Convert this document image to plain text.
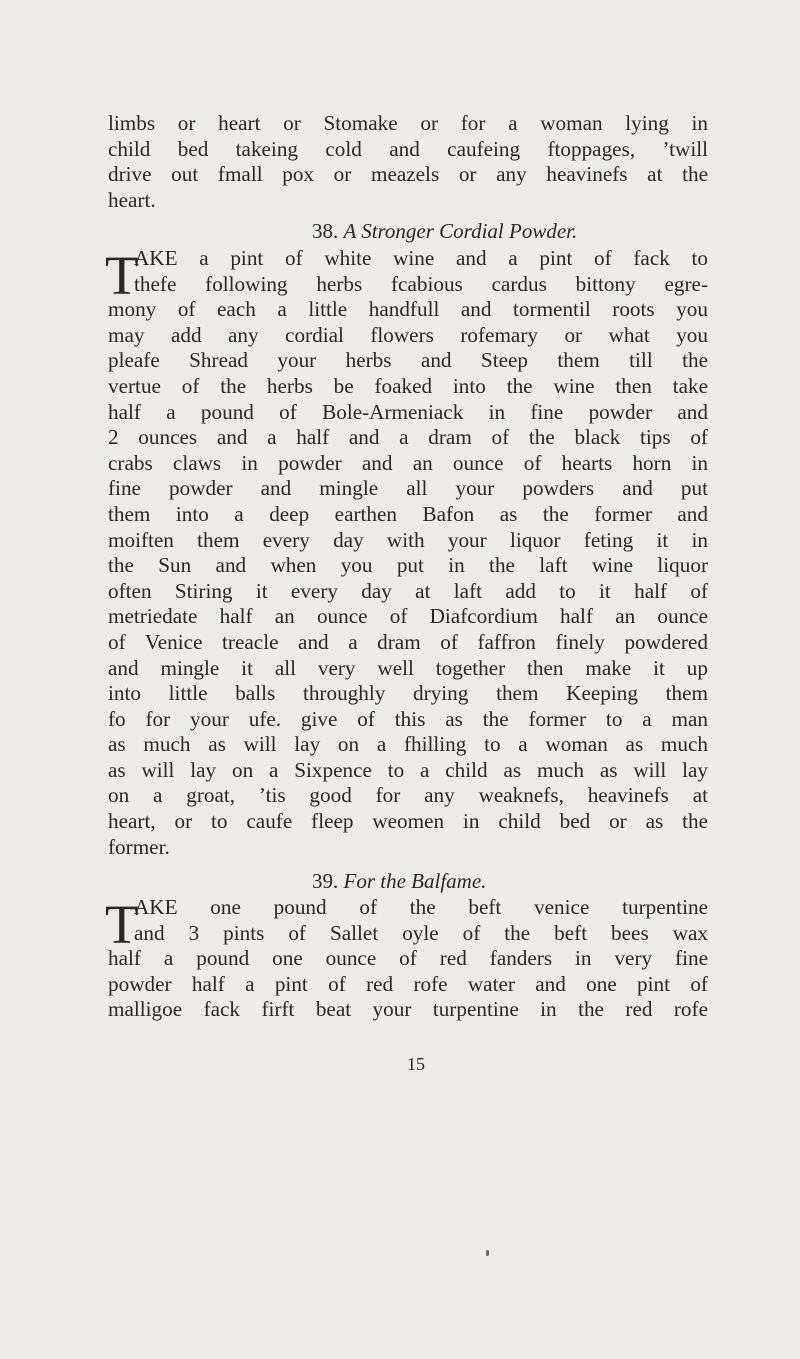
limbs or heart or Stomake or for a woman lying in
child bed takeing cold and caufeing ftoppages, ’twill
drive out fmall pox or meazels or any heavinefs at the
heart.
38. A Stronger Cordial Powder.
T
AKE a pint of white wine and a pint of fack to
thefe following herbs fcabious cardus bittony egre-
mony of each a little handfull and tormentil roots you
may add any cordial flowers rofemary or what you
pleafe Shread your herbs and Steep them till the
vertue of the herbs be foaked into the wine then take
half a pound of Bole-Armeniack in fine powder and
2 ounces and a half and a dram of the black tips of
crabs claws in powder and an ounce of hearts horn in
fine powder and mingle all your powders and put
them into a deep earthen Bafon as the former and
moiften them every day with your liquor feting it in
the Sun and when you put in the laft wine liquor
often Stiring it every day at laft add to it half of
metriedate half an ounce of Diafcordium half an ounce
of Venice treacle and a dram of faffron finely powdered
and mingle it all very well together then make it up
into little balls throughly drying them Keeping them
fo for your ufe. give of this as the former to a man
as much as will lay on a fhilling to a woman as much
as will lay on a Sixpence to a child as much as will lay
on a groat, ’tis good for any weaknefs, heavinefs at
heart, or to caufe fleep weomen in child bed or as the
former.
39. For the Balfame.
T
AKE one pound of the beft venice turpentine
and 3 pints of Sallet oyle of the beft bees wax
half a pound one ounce of red fanders in very fine
powder half a pint of red rofe water and one pint of
malligoe fack firft beat your turpentine in the red rofe
15
